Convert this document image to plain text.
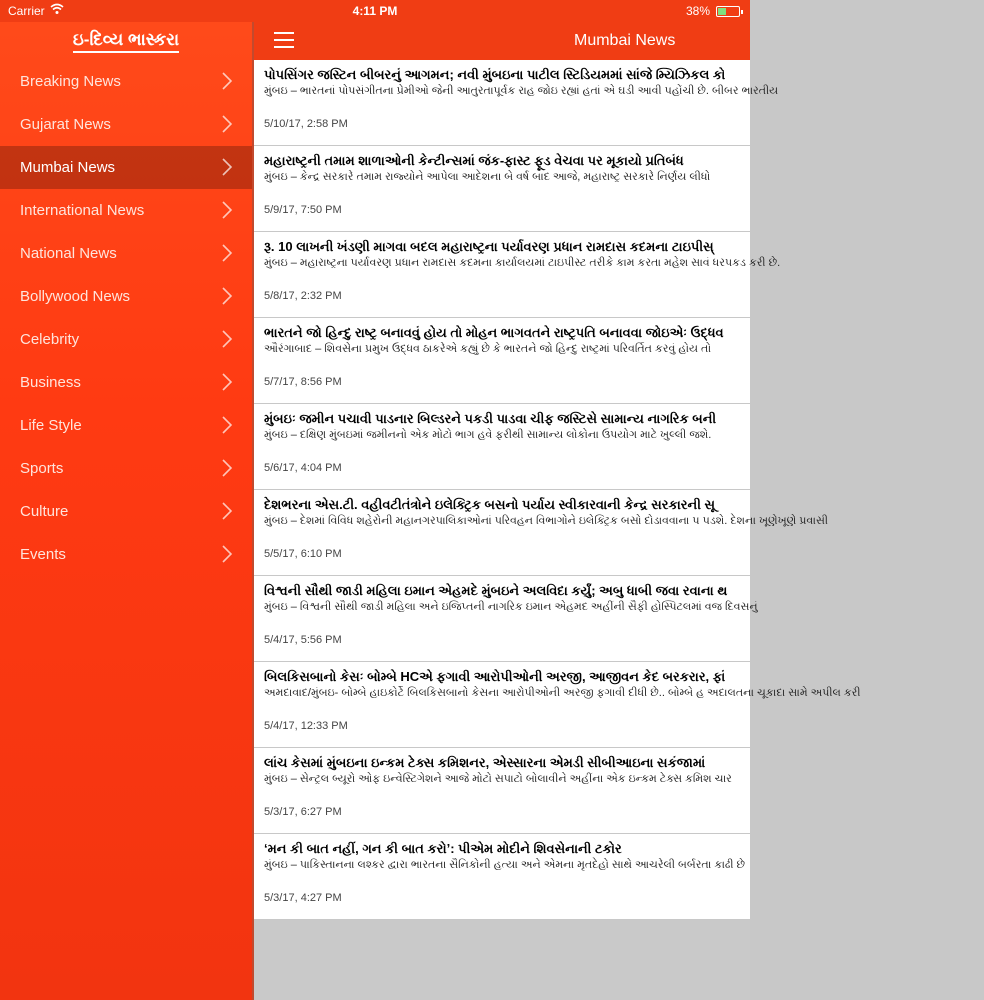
Carrier	4:11 PM	38%
ઇ-દિવ્ય ભાસ્કરા
Breaking News
Gujarat News
Mumbai News
International News
National News
Bollywood News
Celebrity
Business
Life Style
Sports
Culture
Events
Mumbai News
પોપસિંગર જસ્ટિન બીબરનું આગમન; નવી મુંબઇના પાટીલ સ્ટિડિયમમાં સાંજે મ્યિઝિકલ કો
મુંબઇ – ભારતનાં પોપસંગીતના પ્રેમીઓ જેની આતુરતાપૂર્વક રાહ જોઇ રહ્યાં હતાં એ ઘડી આવી પહોંચી છે. બીબર ભારતીય
5/10/17, 2:58 PM
મહારાષ્ટ્રની તમામ શાળાઓની કેન્ટીન્સમાં જંક-ફાસ્ટ ફૂડ વેચવા પર મૂકાયો પ્રતિબંધ
મુંબઇ – કેન્દ્ર સરકારે તમામ રાજ્યોને આપેલા આદેશના બે વર્ષ બાદ આજે, મહારાષ્ટ્ર સરકારે નિર્ણય લીધો
5/9/17, 7:50 PM
રૂ. 10 લાખની ખંડણી માગવા બદલ મહારાષ્ટ્રના પર્યાવરણ પ્રધાન રામદાસ કદમના ટાઇપીસ્
મુંબઇ – મહારાષ્ટ્રના પર્યાવરણ પ્રધાન રામદાસ કદમના કાર્યાલયમાં ટાઇપીસ્ટ તરીકે કામ કરતા મહેશ સાવં ધરપકડ કરી છે.
5/8/17, 2:32 PM
ભારતને જો હિન્દુ રાષ્ટ્ર બનાવવું હોય તો મોહન ભાગવતને રાષ્ટ્રપતિ બનાવવા જોઇએઃ ઉદ્ધવ
ઔરંગાબાદ – શિવસેના પ્રમુખ ઉદ્ધવ ઠાકરેએ કહ્યું છે કે ભારતને જો હિન્દુ રાષ્ટ્રમાં પરિવર્તિત કરવું હોય તો
5/7/17, 8:56 PM
મુંબઇઃ જમીન પચાવી પાડનાર બિલ્ડરને પકડી પાડવા ચીફ જસ્ટિસે સામાન્ય નાગરિક બની
મુંબઇ – દક્ષિણ મુંબઇમાં જમીનનો એક મોટો ભાગ હવે ફરીથી સામાન્ય લોકોના ઉપયોગ માટે ખુલ્લી જશે.
5/6/17, 4:04 PM
દેશભરના એસ.ટી. વહીવટીતંત્રોને ઇલેક્ટ્રિક બસનો પર્યાય સ્વીકારવાની કેન્દ્ર સરકારની સૂ
મુંબઇ – દેશમાં વિવિધ શહેરોની મહાનગરપાલિકાઓનાં પરિવહન વિભાગોને ઇલેક્ટ્રિક બસો દોડાવવાના પ પડશે. દેશના ખૂણેખૂણે પ્રવાસી
5/5/17, 6:10 PM
વિશ્વની સૌથી જાડી મહિલા ઇમાન એહમદે મુંબઇને અલવિદા કર્યું; અબુ ધાબી જવા રવાના થ
મુંબઇ – વિશ્વની સૌથી જાડી મહિલા અને ઇજિપ્તની નાગરિક ઇમાન એહમદ અહીંની સૈફી હોસ્પિટલમાં વજ દિવસનું
5/4/17, 5:56 PM
બિલકિસબાનો કેસઃ બોમ્બે HCએ ફગાવી આરોપીઓની અરજી, આજીવન કેદ બરકરાર, ફાં
અમદાવાદ/મુંબઇ- બોમ્બે હાઇકોર્ટે બિલકિસબાનો કેસના આરોપીઓની અરજી ફગાવી દીધી છે.. બોમ્બે હ અદાલતના ચૂકાદા સામે અપીલ કરી
5/4/17, 12:33 PM
લાંચ કેસમાં મુંબઇના ઇન્કમ ટેક્સ કમિશનર, એસ્સારના એમડી સીબીઆઇના સકંજામાં
મુંબઇ – સેન્ટ્રલ બ્યૂરો ઓફ ઇન્વેસ્ટિગેશને આજે મોટો સપાટો બોલાવીને અહીંના એક ઇન્કમ ટેક્સ કમિશ ચાર
5/3/17, 6:27 PM
‘મન કી બાત નહીં, ગન કી બાત કરો’: પીએમ મોદીને શિવસેનાની ટકોર
મુંબઇ – પાકિસ્તાનના લશ્કર દ્વારા ભારતના સૈનિકોની હત્યા અને એમના મૃતદેહો સાથે આચરેલી બર્બરતા કાઢી છે
5/3/17, 4:27 PM
